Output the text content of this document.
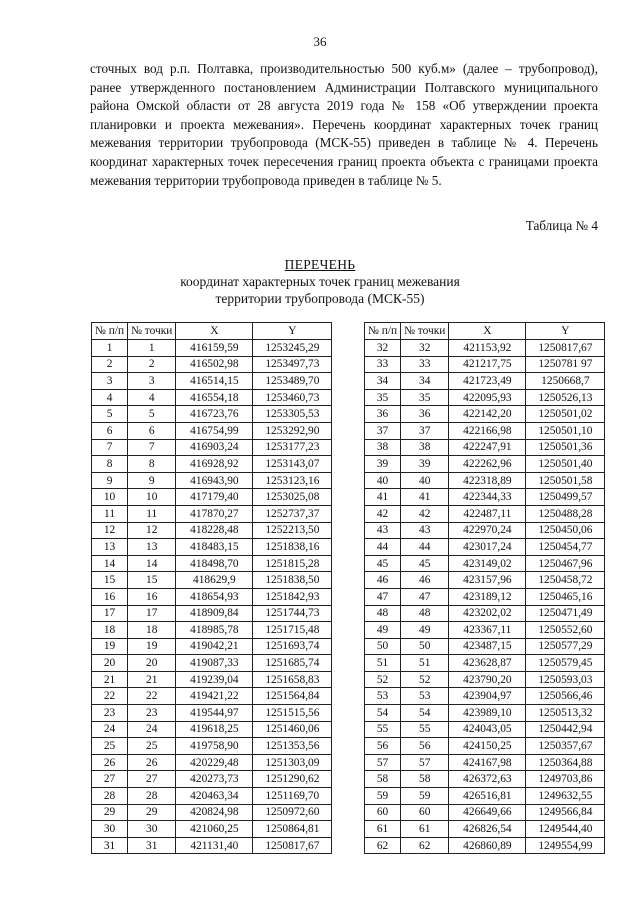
36

сточных вод р.п. Полтавка, производительностью 500 куб.м» (далее – трубопровод), ранее утвержденного постановлением Администрации Полтавского муниципального района Омской области от 28 августа 2019 года № 158 «Об утверждении проекта планировки и проекта межевания». Перечень координат характерных точек границ межевания территории трубопровода (МСК-55) приведен в таблице № 4. Перечень координат характерных точек пересечения границ проекта объекта с границами проекта межевания территории трубопровода приведен в таблице № 5.

Таблица № 4
ПЕРЕЧЕНЬ
координат характерных точек границ межевания
территории трубопровода (МСК-55)
№ п/п	№ точки	X	Y
1	1	416159,59	1253245,29
2	2	416502,98	1253497,73
3	3	416514,15	1253489,70
4	4	416554,18	1253460,73
5	5	416723,76	1253305,53
6	6	416754,99	1253292,90
7	7	416903,24	1253177,23
8	8	416928,92	1253143,07
9	9	416943,90	1253123,16
10	10	417179,40	1253025,08
11	11	417870,27	1252737,37
12	12	418228,48	1252213,50
13	13	418483,15	1251838,16
14	14	418498,70	1251815,28
15	15	418629,9	1251838,50
16	16	418654,93	1251842,93
17	17	418909,84	1251744,73
18	18	418985,78	1251715,48
19	19	419042,21	1251693,74
20	20	419087,33	1251685,74
21	21	419239,04	1251658,83
22	22	419421,22	1251564,84
23	23	419544,97	1251515,56
24	24	419618,25	1251460,06
25	25	419758,90	1251353,56
26	26	420229,48	1251303,09
27	27	420273,73	1251290,62
28	28	420463,34	1251169,70
29	29	420824,98	1250972,60
30	30	421060,25	1250864,81
31	31	421131,40	1250817,67
№ п/п	№ точки	X	Y
32	32	421153,92	1250817,67
33	33	421217,75	1250781 97
34	34	421723,49	1250668,7
35	35	422095,93	1250526,13
36	36	422142,20	1250501,02
37	37	422166,98	1250501,10
38	38	422247,91	1250501,36
39	39	422262,96	1250501,40
40	40	422318,89	1250501,58
41	41	422344,33	1250499,57
42	42	422487,11	1250488,28
43	43	422970,24	1250450,06
44	44	423017,24	1250454,77
45	45	423149,02	1250467,96
46	46	423157,96	1250458,72
47	47	423189,12	1250465,16
48	48	423202,02	1250471,49
49	49	423367,11	1250552,60
50	50	423487,15	1250577,29
51	51	423628,87	1250579,45
52	52	423790,20	1250593,03
53	53	423904,97	1250566,46
54	54	423989,10	1250513,32
55	55	424043,05	1250442,94
56	56	424150,25	1250357,67
57	57	424167,98	1250364,88
58	58	426372,63	1249703,86
59	59	426516,81	1249632,55
60	60	426649,66	1249566,84
61	61	426826,54	1249544,40
62	62	426860,89	1249554,99
